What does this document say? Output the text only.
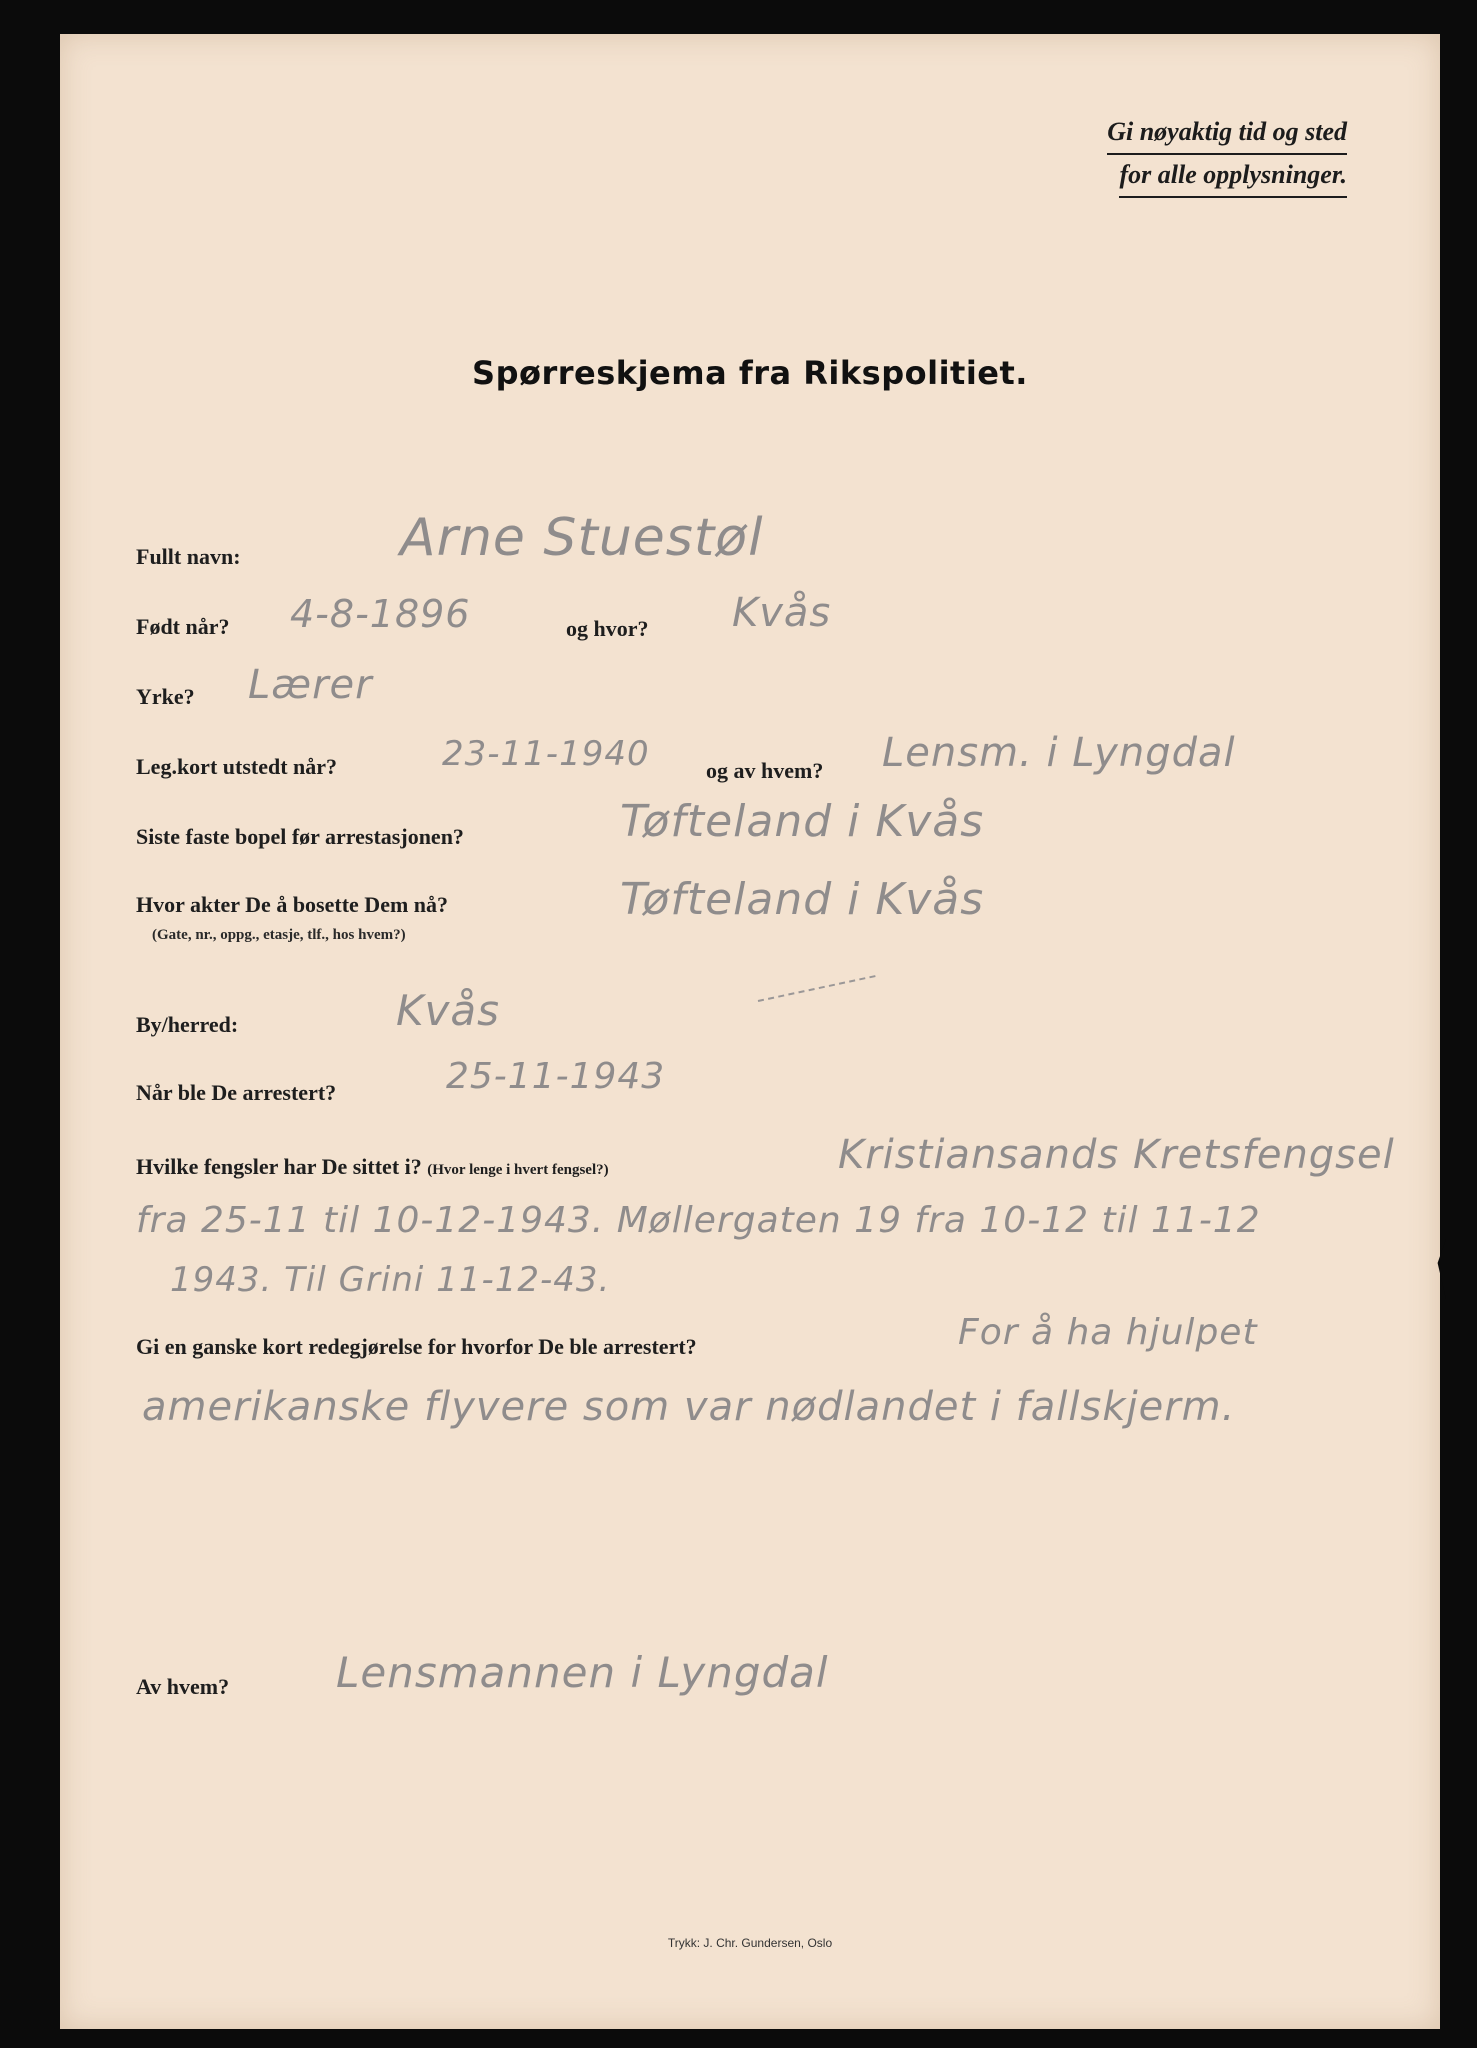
Gi nøyaktig tid og sted
for alle opplysninger.
Spørreskjema fra Rikspolitiet.
Fullt navn:	Arne Stuestøl
Født når? 4-8-1896	og hvor? Kvås
Yrke? Lærer
Leg.kort utstedt når?	23-11-1940	og av hvem? Lensm. i Lyngdal
Siste faste bopel før arrestasjonen?	Tøfteland i Kvås
Hvor akter De å bosette Dem nå?
(Gate, nr., oppg., etasje, tlf., hos hvem?)
Tøfteland i Kvås
By/herred:	Kvås
Når ble De arrestert?	25-11-1943
Hvilke fengsler har De sittet i? (Hvor lenge i hvert fengsel?)	Kristiansands Kretsfengsel
fra 25-11 til 10-12-1943. Møllergaten 19 fra 10-12 til 11-12
1943. Til Grini 11-12-43.
Gi en ganske kort redegjørelse for hvorfor De ble arrestert?	For å ha hjulpet
amerikanske flyvere som var nødlandet i fallskjerm.
Av hvem?	Lensmannen i Lyngdal
Trykk: J. Chr. Gundersen, Oslo
